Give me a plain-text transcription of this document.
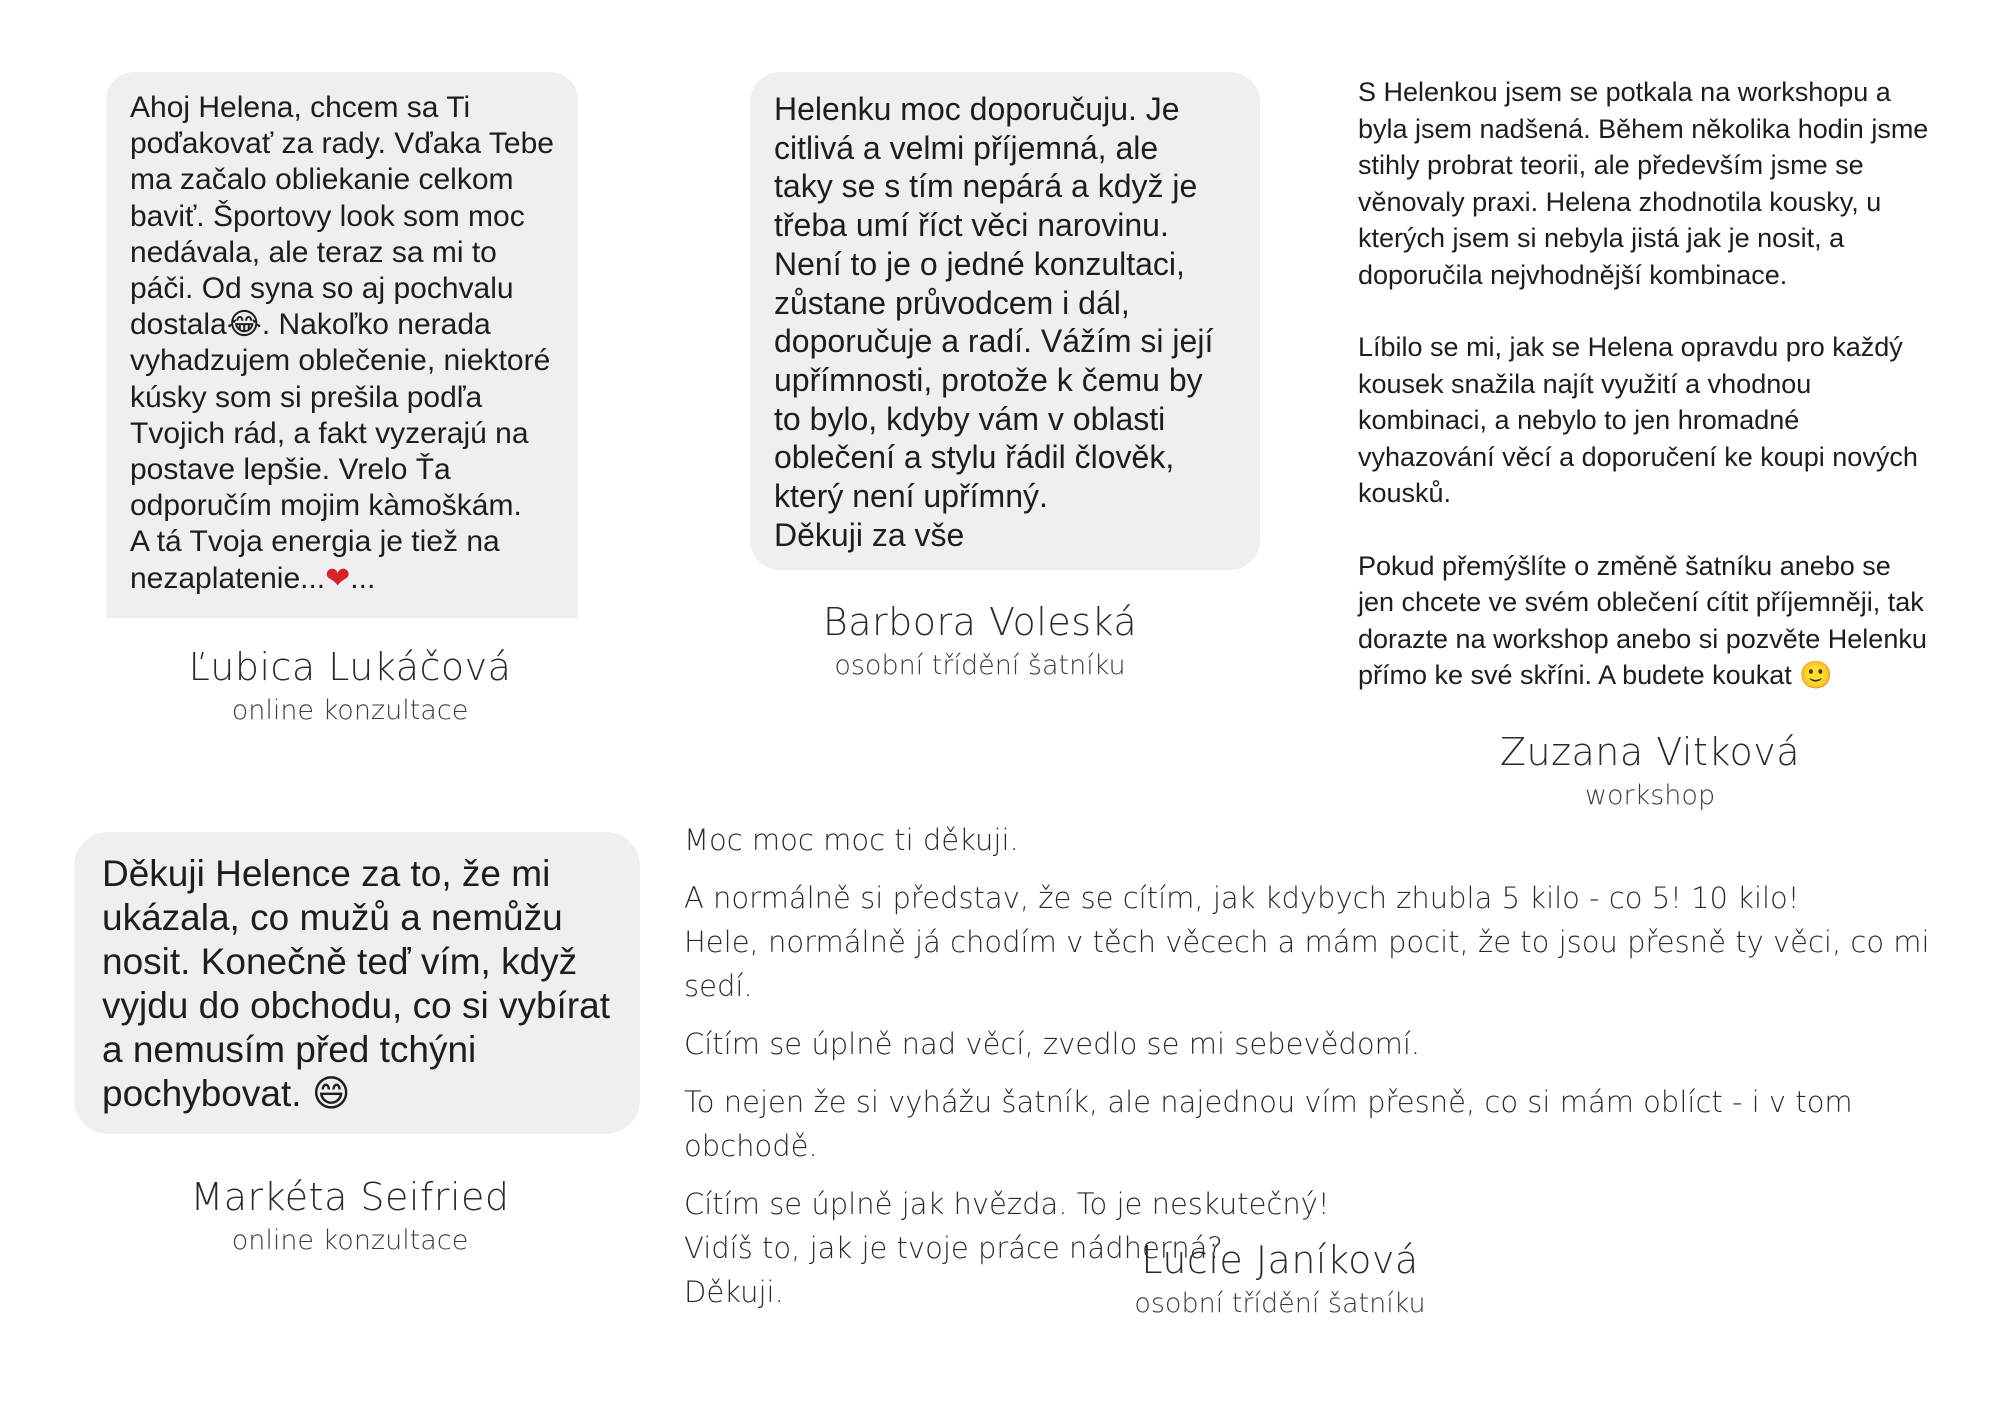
Ahoj Helena, chcem sa Ti
poďakovať za rady. Vďaka Tebe
ma začalo obliekanie celkom
baviť. Športovy look som moc
nedávala, ale teraz sa mi to
páči. Od syna so aj pochvalu
dostala😂. Nakoľko nerada
vyhadzujem oblečenie, niektoré
kúsky som si prešila podľa
Tvojich rád, a fakt vyzerajú na
postave lepšie. Vrelo Ťa
odporučím mojim kàmoškám.
A tá Tvoja energia je tiež na
nezaplatenie...❤...

Ľubica Lukáčová
online konzultace

Helenku moc doporučuju. Je
citlivá a velmi příjemná, ale
taky se s tím nepárá a když je
třeba umí říct věci narovinu.
Není to je o jedné konzultaci,
zůstane průvodcem i dál,
doporučuje a radí. Vážím si její
upřímnosti, protože k čemu by
to bylo, kdyby vám v oblasti
oblečení a stylu řádil člověk,
který není upřímný.
Děkuji za vše

Barbora Voleská
osobní třídění šatníku

S Helenkou jsem se potkala na workshopu a
byla jsem nadšená. Během několika hodin jsme
stihly probrat teorii, ale především jsme se
věnovaly praxi. Helena zhodnotila kousky, u
kterých jsem si nebyla jistá jak je nosit, a
doporučila nejvhodnější kombinace.

Líbilo se mi, jak se Helena opravdu pro každý
kousek snažila najít využití a vhodnou
kombinaci, a nebylo to jen hromadné
vyhazování věcí a doporučení ke koupi nových
kousků.

Pokud přemýšlíte o změně šatníku anebo se
jen chcete ve svém oblečení cítit příjemněji, tak
dorazte na workshop anebo si pozvěte Helenku
přímo ke své skříni. A budete koukat 🙂

Zuzana Vitková
workshop

Děkuji Helence za to, že mi
ukázala, co mužů a nemůžu
nosit. Konečně teď vím, když
vyjdu do obchodu, co si vybírat
a nemusím před tchýni
pochybovat. 😄

Markéta Seifried
online konzultace

Moc moc moc ti děkuji.

A normálně si představ, že se cítím, jak kdybych zhubla 5 kilo - co 5! 10 kilo!
Hele, normálně já chodím v těch věcech a mám pocit, že to jsou přesně ty věci, co mi sedí.

Cítím se úplně nad věcí, zvedlo se mi sebevědomí.

To nejen že si vyhážu šatník, ale najednou vím přesně, co si mám oblíct - i v tom obchodě.

Cítím se úplně jak hvězda. To je neskutečný!
Vidíš to, jak je tvoje práce nádherná?
Děkuji.

Lucie Janíková
osobní třídění šatníku
